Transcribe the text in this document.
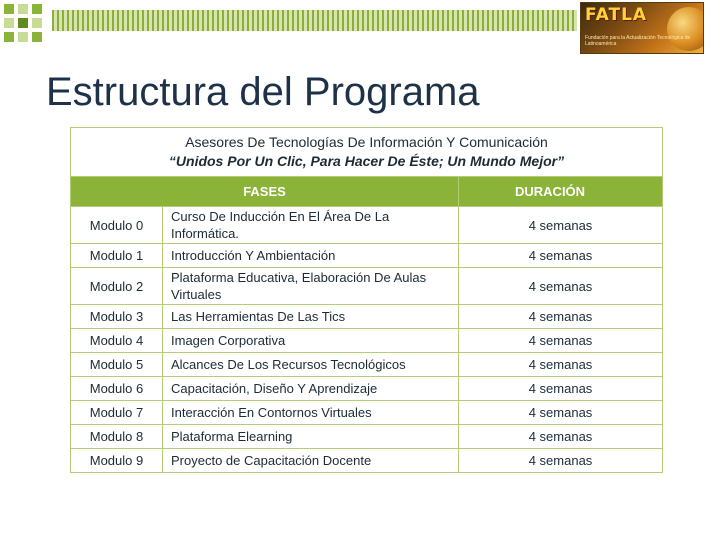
FATLA
Fundación para la Actualización Tecnológica de Latinoamérica
Estructura del Programa
Asesores De Tecnologías De Información Y Comunicación
“Unidos Por Un Clic, Para Hacer De Éste; Un Mundo Mejor”		

FASES		DURACIÓN
Modulo 0	Curso De Inducción En El Área De La Informática.	4 semanas
Modulo 1	Introducción Y Ambientación	4 semanas
Modulo 2	Plataforma Educativa, Elaboración De Aulas Virtuales	4 semanas
Modulo 3	Las Herramientas De Las Tics	4 semanas
Modulo 4	Imagen Corporativa	4 semanas
Modulo 5	Alcances De Los Recursos Tecnológicos	4 semanas
Modulo 6	Capacitación, Diseño Y Aprendizaje	4 semanas
Modulo 7	Interacción En Contornos Virtuales	4 semanas
Modulo 8	Plataforma Elearning	4 semanas
Modulo 9	Proyecto de Capacitación Docente	4 semanas
